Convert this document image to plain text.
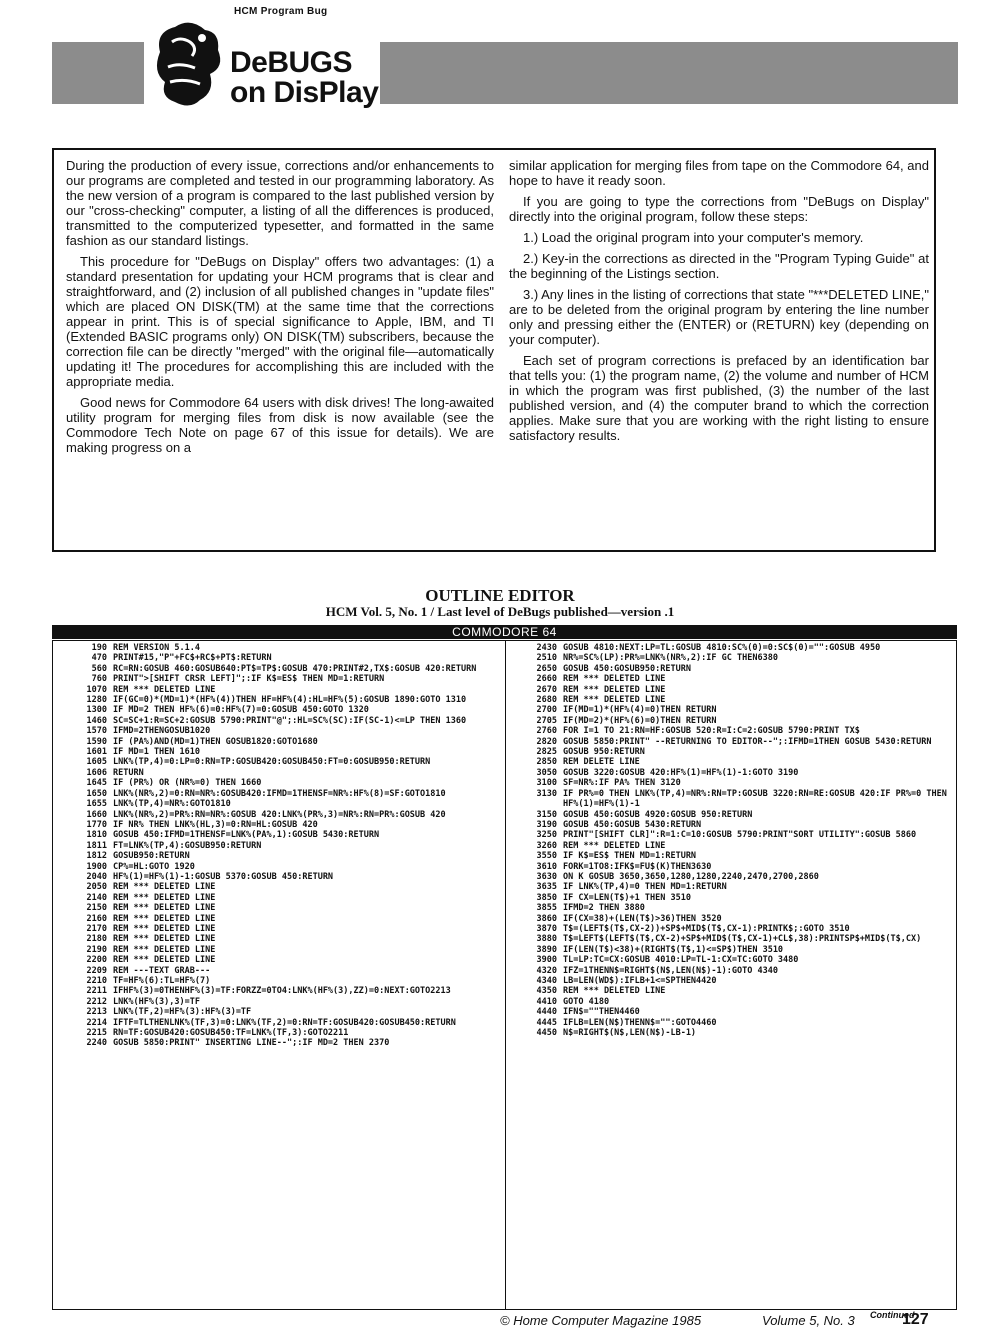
HCM Program Bug
DeBUGS
on DisPlay

During the production of every issue, corrections and/or enhancements to our programs are completed and tested in our programming laboratory. As the new version of a program is compared to the last published version by our "cross-checking" computer, a listing of all the differences is produced, transmitted to the computerized typesetter, and formatted in the same fashion as our standard listings.

This procedure for "DeBugs on Display" offers two advantages: (1) a standard presentation for updating your HCM programs that is clear and straightforward, and (2) inclusion of all published changes in "update files" which are placed ON DISK(TM) at the same time that the corrections appear in print. This is of special significance to Apple, IBM, and TI (Extended BASIC programs only) ON DISK(TM) subscribers, because the correction file can be directly "merged" with the original file—automatically updating it! The procedures for accomplishing this are included with the appropriate media.

Good news for Commodore 64 users with disk drives! The long-awaited utility program for merging files from disk is now available (see the Commodore Tech Note on page 67 of this issue for details). We are making progress on a

similar application for merging files from tape on the Commodore 64, and hope to have it ready soon.

If you are going to type the corrections from "DeBugs on Display" directly into the original program, follow these steps:

1.) Load the original program into your computer's memory.

2.) Key-in the corrections as directed in the "Program Typing Guide" at the beginning of the Listings section.

3.) Any lines in the listing of corrections that state "***DELETED LINE," are to be deleted from the original program by entering the line number only and pressing either the (ENTER) or (RETURN) key (depending on your computer).

Each set of program corrections is prefaced by an identification bar that tells you: (1) the program name, (2) the volume and number of HCM in which the program was first published, (3) the number of the last published version, and (4) the computer brand to which the correction applies. Make sure that you are working with the right listing to ensure satisfactory results.

OUTLINE EDITOR
HCM Vol. 5, No. 1 / Last level of DeBugs published—version .1
COMMODORE 64
190 REM VERSION 5.1.4
470 PRINT#15,"P"+FC$+RC$+PT$:RETURN
560 RC=RN:GOSUB 460:GOSUB640:PT$=TP$:GOSUB 470:PRINT#2,TX$:GOSUB 420:RETURN
760 PRINT">[SHIFT CRSR LEFT]";:IF K$=ES$ THEN MD=1:RETURN
1070 REM *** DELETED LINE
1280 IF(GC=0)*(MD=1)*(HF%(4))THEN HF=HF%(4):HL=HF%(5):GOSUB 1890:GOTO 1310
1300 IF MD=2 THEN HF%(6)=0:HF%(7)=0:GOSUB 450:GOTO 1320
1460 SC=SC+1:R=SC+2:GOSUB 5790:PRINT"@";:HL=SC%(SC):IF(SC-1)<=LP THEN 1360
1570 IFMD=2THENGOSUB1020
1590 IF (PA%)AND(MD=1)THEN GOSUB1820:GOTO1680
1601 IF MD=1 THEN 1610
1605 LNK%(TP,4)=0:LP=0:RN=TP:GOSUB420:GOSUB450:FT=0:GOSUB950:RETURN
1606 RETURN
1645 IF (PR%) OR (NR%=0) THEN 1660
1650 LNK%(NR%,2)=0:RN=NR%:GOSUB420:IFMD=1THENSF=NR%:HF%(8)=SF:GOTO1810
1655 LNK%(TP,4)=NR%:GOTO1810
1660 LNK%(NR%,2)=PR%:RN=NR%:GOSUB 420:LNK%(PR%,3)=NR%:RN=PR%:GOSUB 420
1770 IF NR% THEN LNK%(HL,3)=0:RN=HL:GOSUB 420
1810 GOSUB 450:IFMD=1THENSF=LNK%(PA%,1):GOSUB 5430:RETURN
1811 FT=LNK%(TP,4):GOSUB950:RETURN
1812 GOSUB950:RETURN
1900 CP%=HL:GOTO 1920
2040 HF%(1)=HF%(1)-1:GOSUB 5370:GOSUB 450:RETURN
2050 REM *** DELETED LINE
2140 REM *** DELETED LINE
2150 REM *** DELETED LINE
2160 REM *** DELETED LINE
2170 REM *** DELETED LINE
2180 REM *** DELETED LINE
2190 REM *** DELETED LINE
2200 REM *** DELETED LINE
2209 REM ---TEXT GRAB---
2210 TF=HF%(6):TL=HF%(7)
2211 IFHF%(3)=0THENHF%(3)=TF:FORZZ=0TO4:LNK%(HF%(3),ZZ)=0:NEXT:GOTO2213
2212 LNK%(HF%(3),3)=TF
2213 LNK%(TF,2)=HF%(3):HF%(3)=TF
2214 IFTF=TLTHENLNK%(TF,3)=0:LNK%(TF,2)=0:RN=TF:GOSUB420:GOSUB450:RETURN
2215 RN=TF:GOSUB420:GOSUB450:TF=LNK%(TF,3):GOTO2211
2240 GOSUB 5850:PRINT" INSERTING LINE--";:IF MD=2 THEN 2370
2430 GOSUB 4810:NEXT:LP=TL:GOSUB 4810:SC%(0)=0:SC$(0)="":GOSUB 4950
2510 NR%=SC%(LP):PR%=LNK%(NR%,2):IF GC THEN6380
2650 GOSUB 450:GOSUB950:RETURN
2660 REM *** DELETED LINE
2670 REM *** DELETED LINE
2680 REM *** DELETED LINE
2700 IF(MD=1)*(HF%(4)=0)THEN RETURN
2705 IF(MD=2)*(HF%(6)=0)THEN RETURN
2760 FOR I=1 TO 21:RN=HF:GOSUB 520:R=I:C=2:GOSUB 5790:PRINT TX$
2820 GOSUB 5850:PRINT" --RETURNING TO EDITOR--";:IFMD=1THEN GOSUB 5430:RETURN
2825 GOSUB 950:RETURN
2850 REM DELETE LINE
3050 GOSUB 3220:GOSUB 420:HF%(1)=HF%(1)-1:GOTO 3190
3100 SF=NR%:IF PA% THEN 3120
3130 IF PR%=0 THEN LNK%(TP,4)=NR%:RN=TP:GOSUB 3220:RN=RE:GOSUB 420:IF PR%=0 THEN HF%(1)=HF%(1)-1
3150 GOSUB 450:GOSUB 4920:GOSUB 950:RETURN
3190 GOSUB 450:GOSUB 5430:RETURN
3250 PRINT"[SHIFT CLR]":R=1:C=10:GOSUB 5790:PRINT"SORT UTILITY":GOSUB 5860
3260 REM *** DELETED LINE
3550 IF K$=ES$ THEN MD=1:RETURN
3610 FORK=1TO8:IFK$=FU$(K)THEN3630
3630 ON K GOSUB 3650,3650,1280,1280,2240,2470,2700,2860
3635 IF LNK%(TP,4)=0 THEN MD=1:RETURN
3850 IF CX=LEN(T$)+1 THEN 3510
3855 IFMD=2 THEN 3880
3860 IF(CX=38)+(LEN(T$)>36)THEN 3520
3870 T$=(LEFT$(T$,CX-2))+SP$+MID$(T$,CX-1):PRINTK$;:GOTO 3510
3880 T$=LEFT$(LEFT$(T$,CX-2)+SP$+MID$(T$,CX-1)+CL$,38):PRINTSP$+MID$(T$,CX)
3890 IF(LEN(T$)<38)+(RIGHT$(T$,1)<=SP$)THEN 3510
3900 TL=LP:TC=CX:GOSUB 4010:LP=TL-1:CX=TC:GOTO 3480
4320 IFZ=1THENN$=RIGHT$(N$,LEN(N$)-1):GOTO 4340
4340 LB=LEN(WD$):IFLB+1<=SPTHEN4420
4350 REM *** DELETED LINE
4410 GOTO 4180
4440 IFN$=""THEN4460
4445 IFLB=LEN(N$)THENN$="":GOTO4460
4450 N$=RIGHT$(N$,LEN(N$)-LB-1)
Continued
© Home Computer Magazine 1985	Volume 5, No. 3	127
